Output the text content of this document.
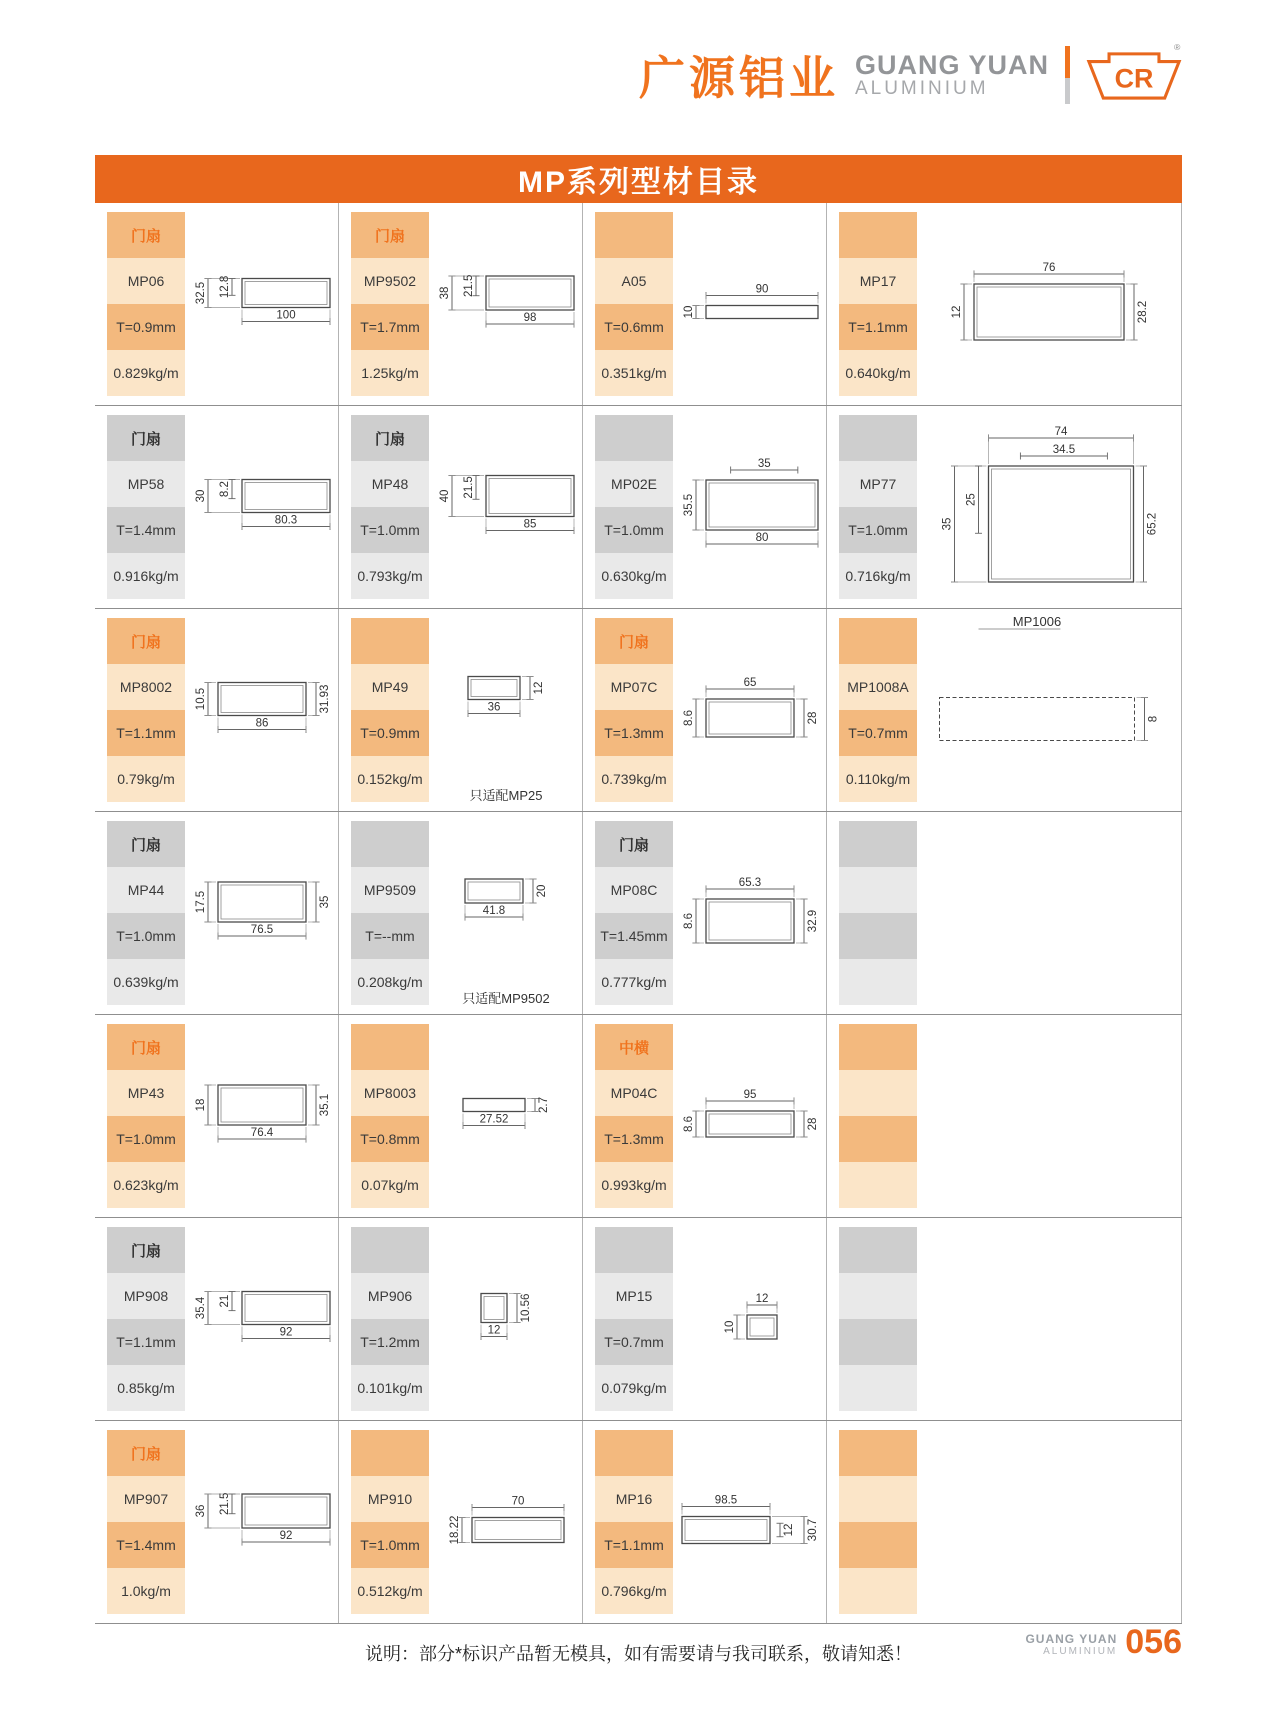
广源铝业 GUANG YUAN
ALUMINIUM	CR
®
MP系列型材目录
门扇
MP06
T=0.9mm
0.829kg/m
32.5 12.8
100
门扇
MP9502
T=1.7mm
1.25kg/m
38 21.5
98
A05
T=0.6mm
0.351kg/m
90
10
MP17
T=1.1mm
0.640kg/m
76
12	28.2
门扇
MP58
T=1.4mm
0.916kg/m
30 8.2
80.3
门扇
MP48
T=1.0mm
0.793kg/m
40 21.5
85
MP02E
T=1.0mm
0.630kg/m
35
35.5
80
MP77
T=1.0mm
0.716kg/m
74
34.5
35
25
65.2
门扇
MP8002
T=1.1mm
0.79kg/m
10.5	31.93
86
MP49
T=0.9mm
0.152kg/m
12
36
只适配MP25
门扇
MP07C
T=1.3mm
0.739kg/m
65
8.6	28
MP1008A
T=0.7mm
0.110kg/m
8
MP1006
门扇
MP44
T=1.0mm
0.639kg/m
17.5	35
76.5
MP9509
T=--mm
0.208kg/m
20
41.8
只适配MP9502
门扇
MP08C
T=1.45mm
0.777kg/m
65.3
8.6	32.9
门扇
MP43
T=1.0mm
0.623kg/m
18	35.1
76.4
MP8003
T=0.8mm
0.07kg/m
2.7
27.52
中横
MP04C
T=1.3mm
0.993kg/m
95
8.6	28
门扇
MP908
T=1.1mm
0.85kg/m
35.4 21
92
MP906
T=1.2mm
0.101kg/m
10.56
12
MP15
T=0.7mm
0.079kg/m
12
10
门扇
MP907
T=1.4mm
1.0kg/m
36 21.5
92
MP910
T=1.0mm
0.512kg/m
70
18.22
MP16
T=1.1mm
0.796kg/m
98.5
12 30.7
说明：部分*标识产品暂无模具，如有需要请与我司联系，敬请知悉！
GUANG YUAN
ALUMINIUM 056
